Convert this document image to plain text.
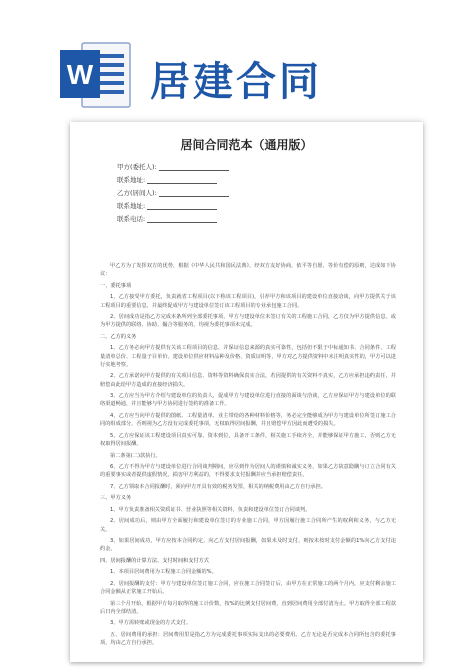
W 居建合同
居间合同范本（通用版）
甲方(委托人):
联系地址:
乙方(居间人):
联系地址:
联系电话:

甲乙方为了发挥双方的优势，根据《中华人民共和国民法典》，经双方友好协商，依平等自愿、等价有偿的原则，达成如下协议：

一、委托事项

1、乙方接受甲方委托，负责就省工程项目(以下称该工程项目)，引荐甲方和该项目的建设单位直接洽谈，向甲方提供关于该工程项目的重要信息，并最终促成甲方与建设单位签订该工程项目的专业承包施工合同。

2、居间成功是指乙方完成本条所列全部委托事项，甲方与建设单位未签订有关的工程施工合同，乙方仅为甲方提供信息、或为甲方提供的联络、协助、撮合等服务的，均视为委托事项未完成。

二、乙方的义务

1、乙方务必向甲方提供有关该工程项目的信息，并保证信息来源的真实可靠性，包括但不限于中标通知书、合同条件、工程量清单总价、工程量子目单价、建设单位供应材料品种及价格、资质证明等，甲方对乙方提供资料中未注明真实性的，甲方可以进行实地考察。

2、乙方承诺向甲方提供的有关项目信息、资料等资料确保真实合法，若因提供的有关资料不真实，乙方应承担违约责任，并赔偿由此给甲方造成的直接经济损失。

3、乙方应当为甲方介绍与建设单位的负责人，促成甲方与建设单位进行直接的面谈与洽谈，乙方应保证甲方与建设单位的联络渠道畅通，并且能够与甲方协同进行签约的准备工作。

4、乙方应当向甲方提供的图纸、工程量清单、业主带给的各种材料价格等，务必完全能够成为甲方与建设单位所签订施工合同的组成部分，否则视为乙方没有完成委托事项，无权取得居间报酬，并且赔偿甲方因此而遭受的损失。

5、乙方应保证该工程建设项目真实可靠，资本到位，具备开工条件，相关施工手续齐全，并能够保证甲方施工，否则乙方无权取得居间报酬。

第二条第(二)款执行。

6、乙方不得为甲方与建设单位进行合同谈判期间，应尽到作为居间人的谨慎和诚实义务，如果乙方故意隐瞒与订立合同有关的重要事实或者提供虚假情况，损害甲方利益的，不得要求支付报酬并应当承担赔偿责任。

7、乙方领取本合同报酬时，须向甲方开具有效的税务发票，相关的纳税费用由乙方自行承担。

三、甲方义务

1、甲方负责准备相关资质证书、营业执照等相关资料，负责和建设单位签订合同谈判。

2、居间成功后，则由甲方全面履行和建设单位签订的专业施工合同，甲方因履行施工合同所产生的权利和义务，与乙方无关。

3、如果居间成功，甲方应按本合同约定，向乙方支付居间报酬，如果未及时支付，则按未按时支付金额的1%向乙方支付违约金。

四、居间报酬的计算方法、支付时间和支付方式

1、本项目居间费用为工程施工合同金额的%。

2、居间报酬的支付：甲方与建设单位签订施工合同，应在施工合同签订后，由甲方在正常施工的两个月内，应支付剩余施工合同金额从正常施工开始后。

第三个月开始，根据甲方每月取得的施工计价数，按%的比例支付居间费，直到居间费用全部付清为止。甲方取得全部工程款后日内全部结清。

3、甲方需转账或现金的方式支付。

五、居间费用的承担：居间费用里是指乙方为完成委托事项实际支出的必要费用。乙方无论是否完成本合同所包含的委托事项，均由乙方自行承担。
